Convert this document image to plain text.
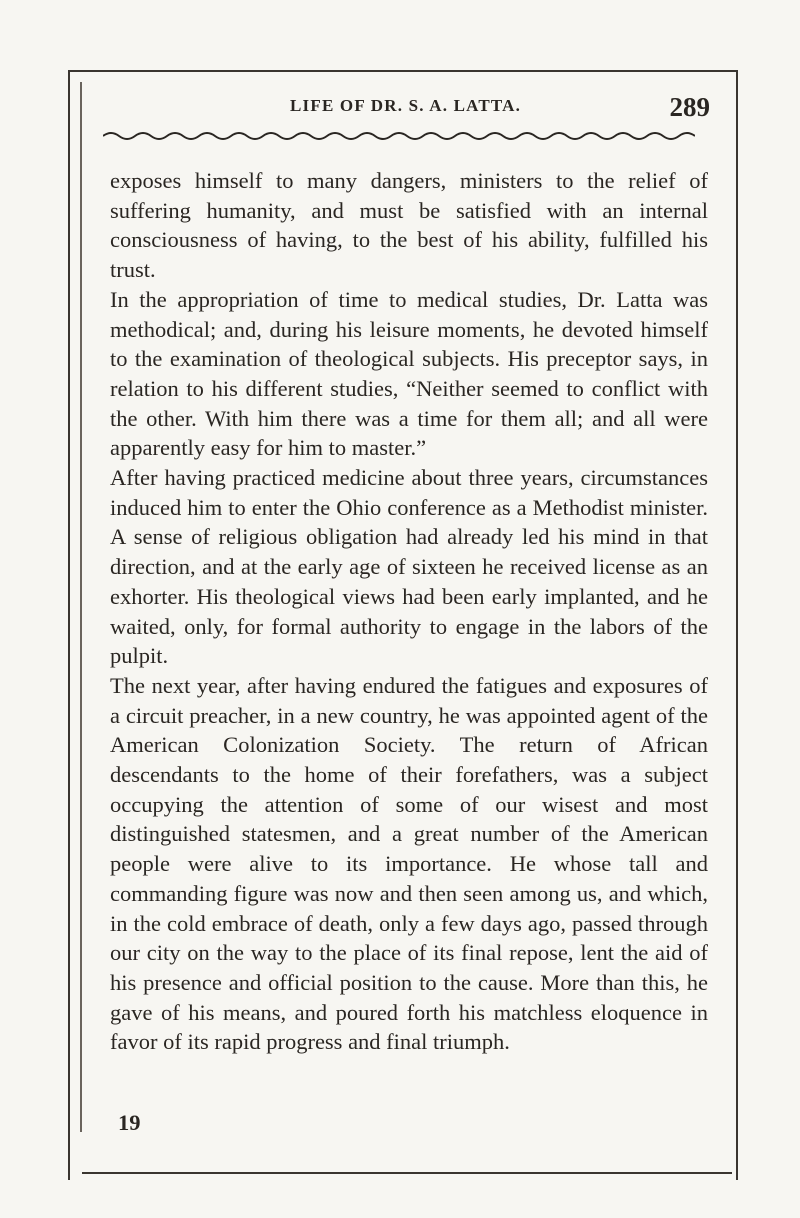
LIFE OF DR. S. A. LATTA.	289

exposes himself to many dangers, ministers to the relief of suffering humanity, and must be satisfied with an internal consciousness of having, to the best of his ability, fulfilled his trust.

In the appropriation of time to medical studies, Dr. Latta was methodical; and, during his leisure moments, he devoted himself to the examination of theological subjects. His preceptor says, in relation to his different studies, “Neither seemed to conflict with the other. With him there was a time for them all; and all were apparently easy for him to master.”

After having practiced medicine about three years, circumstances induced him to enter the Ohio conference as a Methodist minister. A sense of religious obligation had already led his mind in that direction, and at the early age of sixteen he received license as an exhorter. His theological views had been early implanted, and he waited, only, for formal authority to engage in the labors of the pulpit.

The next year, after having endured the fatigues and exposures of a circuit preacher, in a new country, he was appointed agent of the American Colonization Society. The return of African descendants to the home of their forefathers, was a subject occupying the attention of some of our wisest and most distinguished statesmen, and a great number of the American people were alive to its importance. He whose tall and commanding figure was now and then seen among us, and which, in the cold embrace of death, only a few days ago, passed through our city on the way to the place of its final repose, lent the aid of his presence and official position to the cause. More than this, he gave of his means, and poured forth his matchless eloquence in favor of its rapid progress and final triumph.

19
